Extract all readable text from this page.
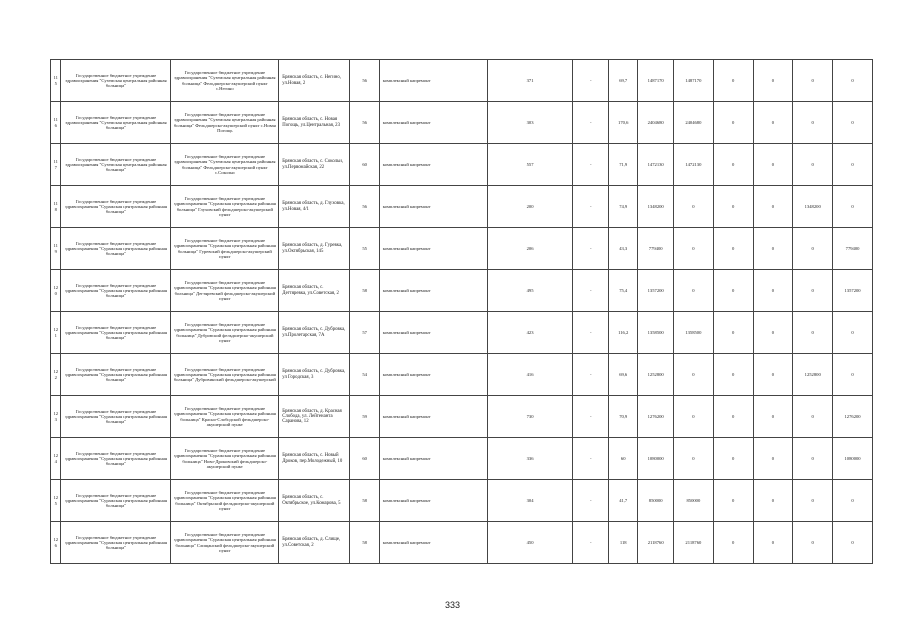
115	Государственное бюджетное учреждение здравоохранения "Суземская центральная районная больница"	Государственное бюджетное учреждение здравоохранения "Суземская центральная районная больница" Фельдшерско-акушерский пункт с.Негино	Брянская область, с. Негино, ул.Новая, 2	56	комплексный капремонт	371	-	69,7	1487170	1487170	0	0	0	0
116	Государственное бюджетное учреждение здравоохранения "Суземская центральная районная больница"	Государственное бюджетное учреждение здравоохранения "Суземская центральная районная больница" Фельдшерско-акушерский пункт с.Новая Погощь	Брянская область, с. Новая Погощь, ул.Центральная, 23	56	комплексный капремонт	303	-	170,6	2404680	2404680	0	0	0	0
117	Государственное бюджетное учреждение здравоохранения "Суземская центральная районная больница"	Государственное бюджетное учреждение здравоохранения "Суземская центральная районная больница" Фельдшерско-акушерский пункт с.Сокольи	Брянская область, с. Сокольи, ул.Первомайская, 22	60	комплексный капремонт	557	-	71,9	1472130	1472130	0	0	0	0
118	Государственное бюджетное учреждение здравоохранения "Суражская центральная районная больница"	Государственное бюджетное учреждение здравоохранения "Суражская центральная районная больница" Глуховский фельдшерско-акушерский пункт	Брянская область, д. Глуховка, ул.Новая, 4/1	56	комплексный капремонт	200	-	74,9	1348200	0	0	0	1348200	0
119	Государственное бюджетное учреждение здравоохранения "Суражская центральная районная больница"	Государственное бюджетное учреждение здравоохранения "Суражская центральная районная больница" Гуревский фельдшерско-акушерский пункт	Брянская область, д. Гуревка, ул.Октябрьская, 145	55	комплексный капремонт	206	-	43,3	779400	0	0	0	0	779400
120	Государственное бюджетное учреждение здравоохранения "Суражская центральная районная больница"	Государственное бюджетное учреждение здравоохранения "Суражская центральная районная больница" Дегтяревский фельдшерско-акушерский пункт	Брянская область, с. Дегтяревка, ул.Советская, 2	58	комплексный капремонт	495	-	75,4	1357200	0	0	0	0	1357200
121	Государственное бюджетное учреждение здравоохранения "Суражская центральная районная больница"	Государственное бюджетное учреждение здравоохранения "Суражская центральная районная больница" Дубровский фельдшерско-акушерский пункт	Брянская область, с. Дубровка, ул.Пролетарская, 7А	57	комплексный капремонт	423	-	116,2	1358500	1358500	0	0	0	0
122	Государственное бюджетное учреждение здравоохранения "Суражская центральная районная больница"	Государственное бюджетное учреждение здравоохранения "Суражская центральная районная больница" Дубровинский фельдшерско-акушерский	Брянская область, с. Дубровка, ул Городская, 3	54	комплексный капремонт	416	-	69,6	1252800	0	0	0	1252800	0
123	Государственное бюджетное учреждение здравоохранения "Суражская центральная районная больница"	Государственное бюджетное учреждение здравоохранения "Суражская центральная районная больница" Красно-Слободской фельдшерско-акушерский пункт	Брянская область, д. Красная Слобода, ул. Лейтенанта Саранова, 12	59	комплексный капремонт	730	-	70,9	1276200	0	0	0	0	1276200
124	Государственное бюджетное учреждение здравоохранения "Суражская центральная районная больница"	Государственное бюджетное учреждение здравоохранения "Суражская центральная районная больница" Ново-Дроковский фельдшерско-акушерский пункт	Брянская область, с. Новый Дроков, пер.Молодежный, 10	60	комплексный капремонт	336	-	60	1080000	0	0	0	0	1080000
125	Государственное бюджетное учреждение здравоохранения "Суражская центральная районная больница"	Государственное бюджетное учреждение здравоохранения "Суражская центральная районная больница" Октябрьский фельдшерско-акушерский пункт	Брянская область, с. Октябрьское, ул.Комарова, 5	58	комплексный капремонт	304	-	41,7	850000	850000	0	0	0	0
126	Государственное бюджетное учреждение здравоохранения "Суражская центральная районная больница"	Государственное бюджетное учреждение здравоохранения "Суражская центральная районная больница" Слищанский фельдшерско-акушерский пункт	Брянская область, д. Слище, ул.Советская, 2	58	комплексный капремонт	450	-	118	2118760	2118760	0	0	0	0
333
